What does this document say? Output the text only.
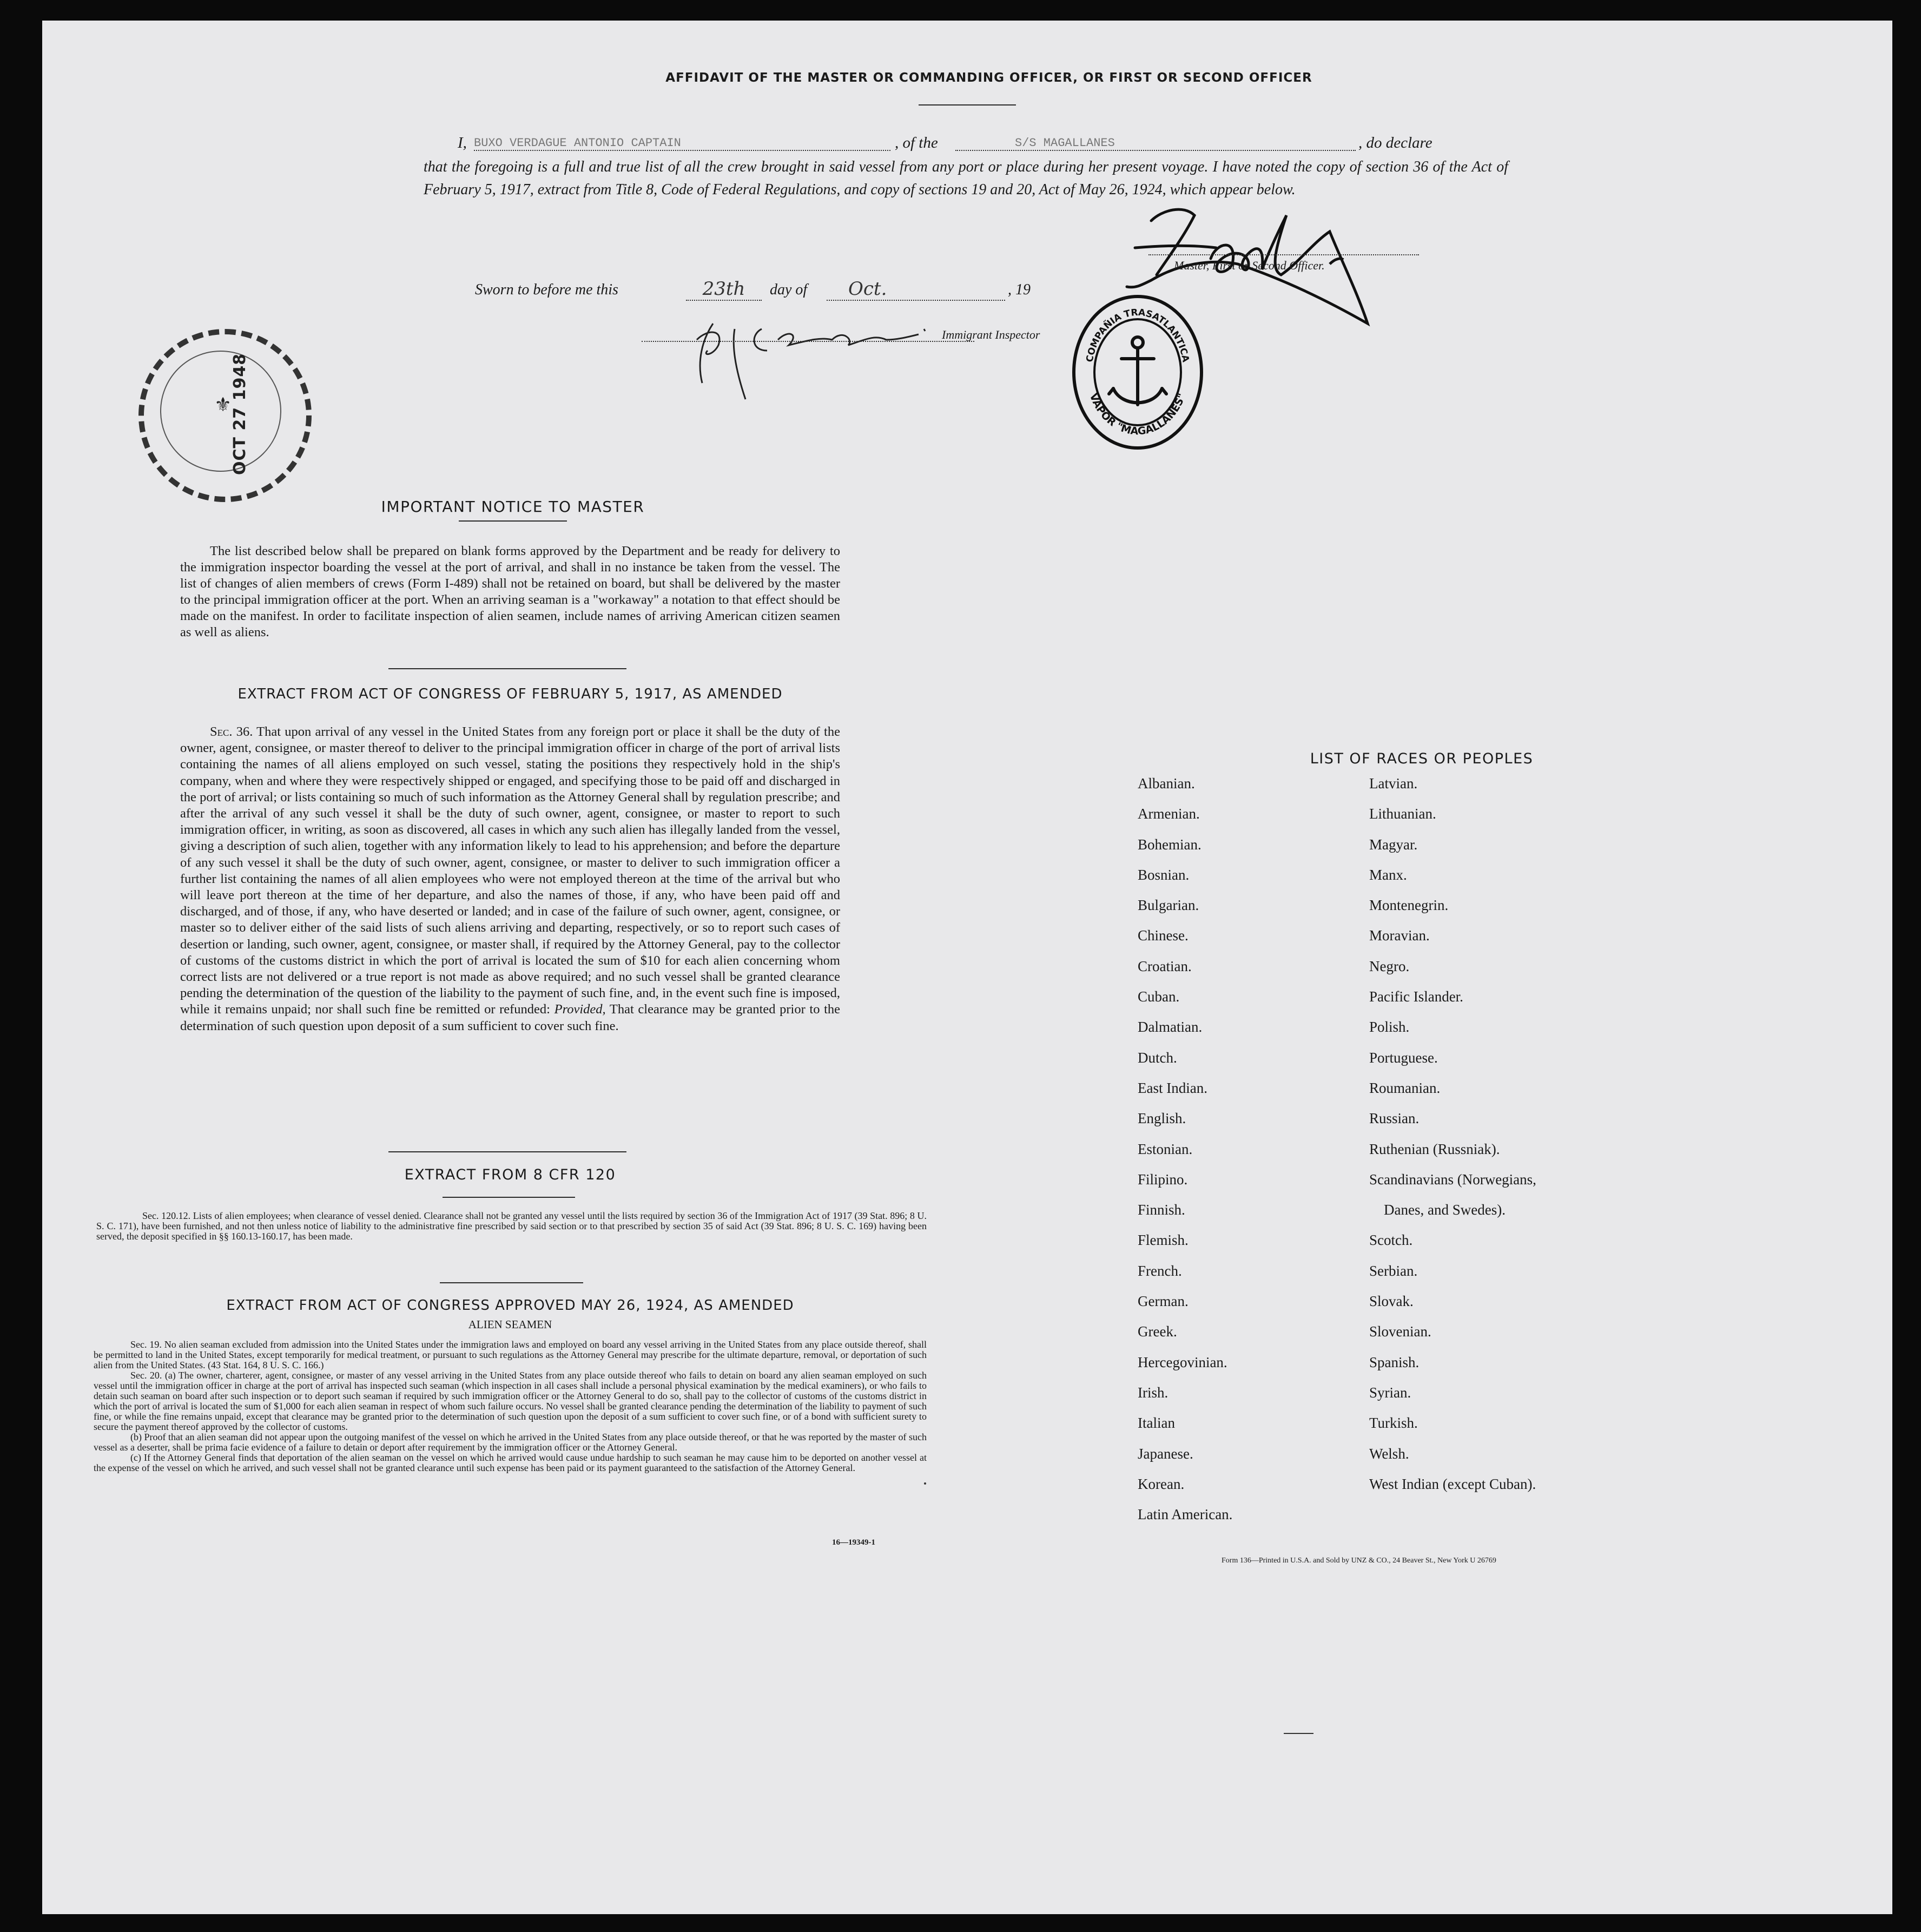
AFFIDAVIT OF THE MASTER OR COMMANDING OFFICER, OR FIRST OR SECOND OFFICER
I, BUXO VERDAGUE ANTONIO CAPTAIN	, of the	S/S MAGALLANES	, do declare
that the foregoing is a full and true list of all the crew brought in said vessel from any port or place during her present voyage. I have noted the copy of section 36 of the Act of February 5, 1917, extract from Title 8, Code of Federal Regulations, and copy of sections 19 and 20, Act of May 26, 1924, which appear below.
Master, First or Second Officer.
Sworn to before me this	23th	day of	Oct.	, 19
Immigrant Inspector
⚜
OCT 27 1948	COMPAÑIA TRASATLANTICA
VAPOR "MAGALLANES"
IMPORTANT NOTICE TO MASTER
The list described below shall be prepared on blank forms approved by the Department and be ready for delivery to the immigration inspector boarding the vessel at the port of arrival, and shall in no instance be taken from the vessel. The list of changes of alien members of crews (Form I-489) shall not be retained on board, but shall be delivered by the master to the principal immigration officer at the port. When an arriving seaman is a "workaway" a notation to that effect should be made on the manifest. In order to facilitate inspection of alien seamen, include names of arriving American citizen seamen as well as aliens.
EXTRACT FROM ACT OF CONGRESS OF FEBRUARY 5, 1917, AS AMENDED
Sec. 36. That upon arrival of any vessel in the United States from any foreign port or place it shall be the duty of the owner, agent, consignee, or master thereof to deliver to the principal immigration officer in charge of the port of arrival lists containing the names of all aliens employed on such vessel, stating the positions they respectively hold in the ship's company, when and where they were respectively shipped or engaged, and specifying those to be paid off and discharged in the port of arrival; or lists containing so much of such information as the Attorney General shall by regulation prescribe; and after the arrival of any such vessel it shall be the duty of such owner, agent, consignee, or master to report to such immigration officer, in writing, as soon as discovered, all cases in which any such alien has illegally landed from the vessel, giving a description of such alien, together with any information likely to lead to his apprehension; and before the departure of any such vessel it shall be the duty of such owner, agent, consignee, or master to deliver to such immigration officer a further list containing the names of all alien employees who were not employed thereon at the time of the arrival but who will leave port thereon at the time of her departure, and also the names of those, if any, who have been paid off and discharged, and of those, if any, who have deserted or landed; and in case of the failure of such owner, agent, consignee, or master so to deliver either of the said lists of such aliens arriving and departing, respectively, or so to report such cases of desertion or landing, such owner, agent, consignee, or master shall, if required by the Attorney General, pay to the collector of customs of the customs district in which the port of arrival is located the sum of $10 for each alien concerning whom correct lists are not delivered or a true report is not made as above required; and no such vessel shall be granted clearance pending the determination of the question of the liability to the payment of such fine, and, in the event such fine is imposed, while it remains unpaid; nor shall such fine be remitted or refunded: Provided, That clearance may be granted prior to the determination of such question upon deposit of a sum sufficient to cover such fine.
EXTRACT FROM 8 CFR 120
Sec. 120.12. Lists of alien employees; when clearance of vessel denied. Clearance shall not be granted any vessel until the lists required by section 36 of the Immigration Act of 1917 (39 Stat. 896; 8 U. S. C. 171), have been furnished, and not then unless notice of liability to the administrative fine prescribed by said section or to that prescribed by section 35 of said Act (39 Stat. 896; 8 U. S. C. 169) having been served, the deposit specified in §§ 160.13-160.17, has been made.
EXTRACT FROM ACT OF CONGRESS APPROVED MAY 26, 1924, AS AMENDED
ALIEN SEAMEN

Sec. 19. No alien seaman excluded from admission into the United States under the immigration laws and employed on board any vessel arriving in the United States from any place outside thereof, shall be permitted to land in the United States, except temporarily for medical treatment, or pursuant to such regulations as the Attorney General may prescribe for the ultimate departure, removal, or deportation of such alien from the United States. (43 Stat. 164, 8 U. S. C. 166.)

Sec. 20. (a) The owner, charterer, agent, consignee, or master of any vessel arriving in the United States from any place outside thereof who fails to detain on board any alien seaman employed on such vessel until the immigration officer in charge at the port of arrival has inspected such seaman (which inspection in all cases shall include a personal physical examination by the medical examiners), or who fails to detain such seaman on board after such inspection or to deport such seaman if required by such immigration officer or the Attorney General to do so, shall pay to the collector of customs of the customs district in which the port of arrival is located the sum of $1,000 for each alien seaman in respect of whom such failure occurs. No vessel shall be granted clearance pending the determination of the liability to payment of such fine, or while the fine remains unpaid, except that clearance may be granted prior to the determination of such question upon the deposit of a sum sufficient to cover such fine, or of a bond with sufficient surety to secure the payment thereof approved by the collector of customs.

(b) Proof that an alien seaman did not appear upon the outgoing manifest of the vessel on which he arrived in the United States from any place outside thereof, or that he was reported by the master of such vessel as a deserter, shall be prima facie evidence of a failure to detain or deport after requirement by the immigration officer or the Attorney General.

(c) If the Attorney General finds that deportation of the alien seaman on the vessel on which he arrived would cause undue hardship to such seaman he may cause him to be deported on another vessel at the expense of the vessel on which he arrived, and such vessel shall not be granted clearance until such expense has been paid or its payment guaranteed to the satisfaction of the Attorney General.

16—19349-1
LIST OF RACES OR PEOPLES
Albanian.	Latvian.
Armenian.	Lithuanian.
Bohemian.	Magyar.
Bosnian.	Manx.
Bulgarian.	Montenegrin.
Chinese.	Moravian.
Croatian.	Negro.
Cuban.	Pacific Islander.
Dalmatian.	Polish.
Dutch.	Portuguese.
East Indian.	Roumanian.
English.	Russian.
Estonian.	Ruthenian (Russniak).
Filipino.	Scandinavians (Norwegians,
Finnish.	Danes, and Swedes).
Flemish.	Scotch.
French.	Serbian.
German.	Slovak.
Greek.	Slovenian.
Hercegovinian.	Spanish.
Irish.	Syrian.
Italian	Turkish.
Japanese.	Welsh.
Korean.	West Indian (except Cuban).
Latin American.
Form 136—Printed in U.S.A. and Sold by UNZ & CO., 24 Beaver St., New York U 26769
